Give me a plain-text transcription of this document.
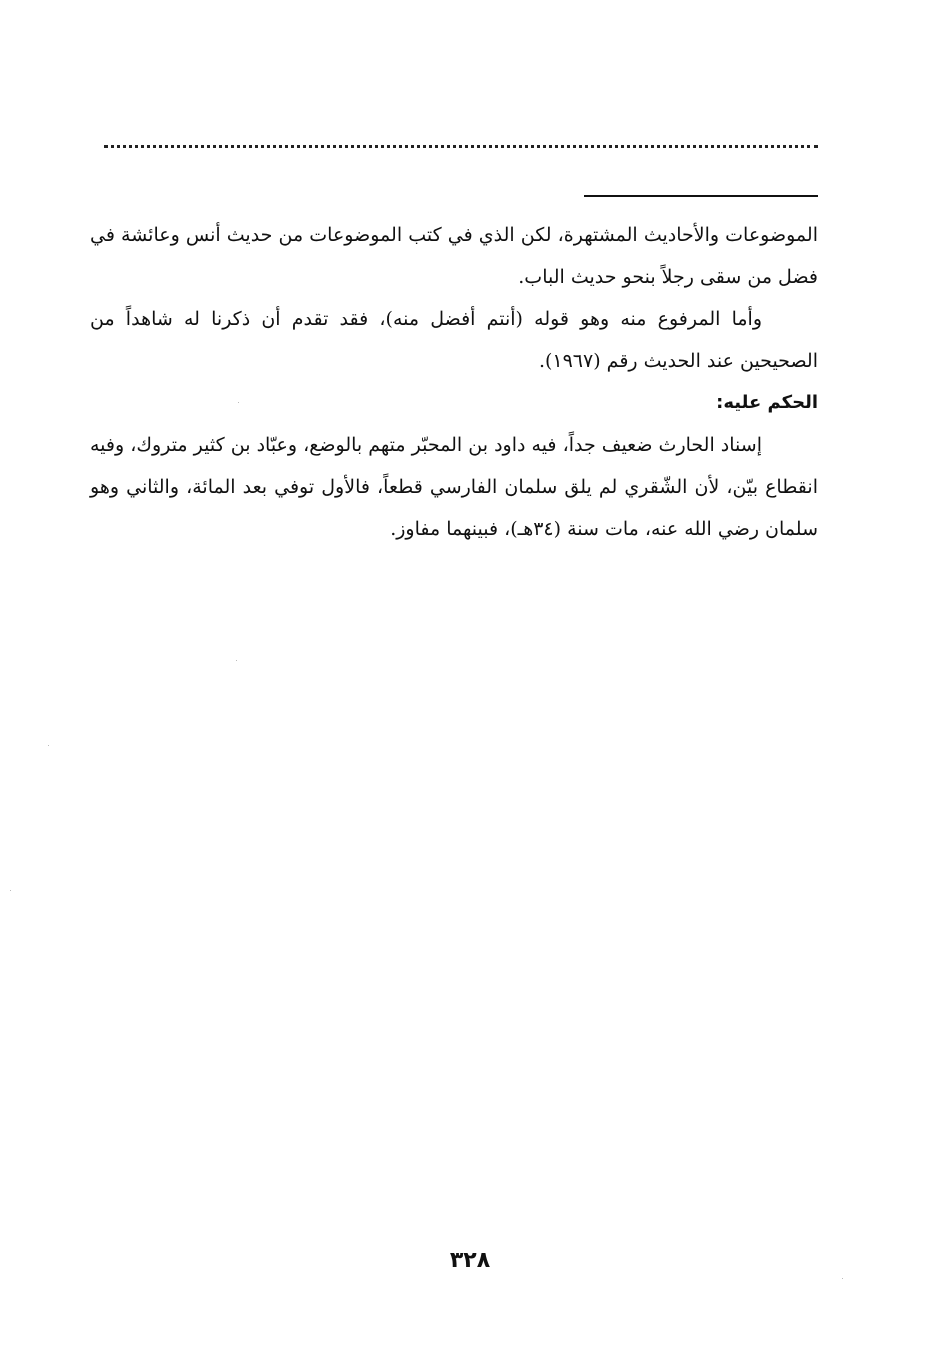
الموضوعات والأحاديث المشتهرة، لكن الذي في كتب الموضوعات من حديث أنس وعائشة في فضل من سقى رجلاً بنحو حديث الباب.

وأما المرفوع منه وهو قوله (أنتم أفضل منه)، فقد تقدم أن ذكرنا له شاهداً من الصحيحين عند الحديث رقم (١٩٦٧).

الحكم عليه:

إسناد الحارث ضعيف جداً، فيه داود بن المحبّر متهم بالوضع، وعبّاد بن كثير متروك، وفيه انقطاع بيّن، لأن الشّقري لم يلق سلمان الفارسي قطعاً، فالأول توفي بعد المائة، والثاني وهو سلمان رضي الله عنه، مات سنة (٣٤هـ)، فبينهما مفاوز.

٣٢٨
